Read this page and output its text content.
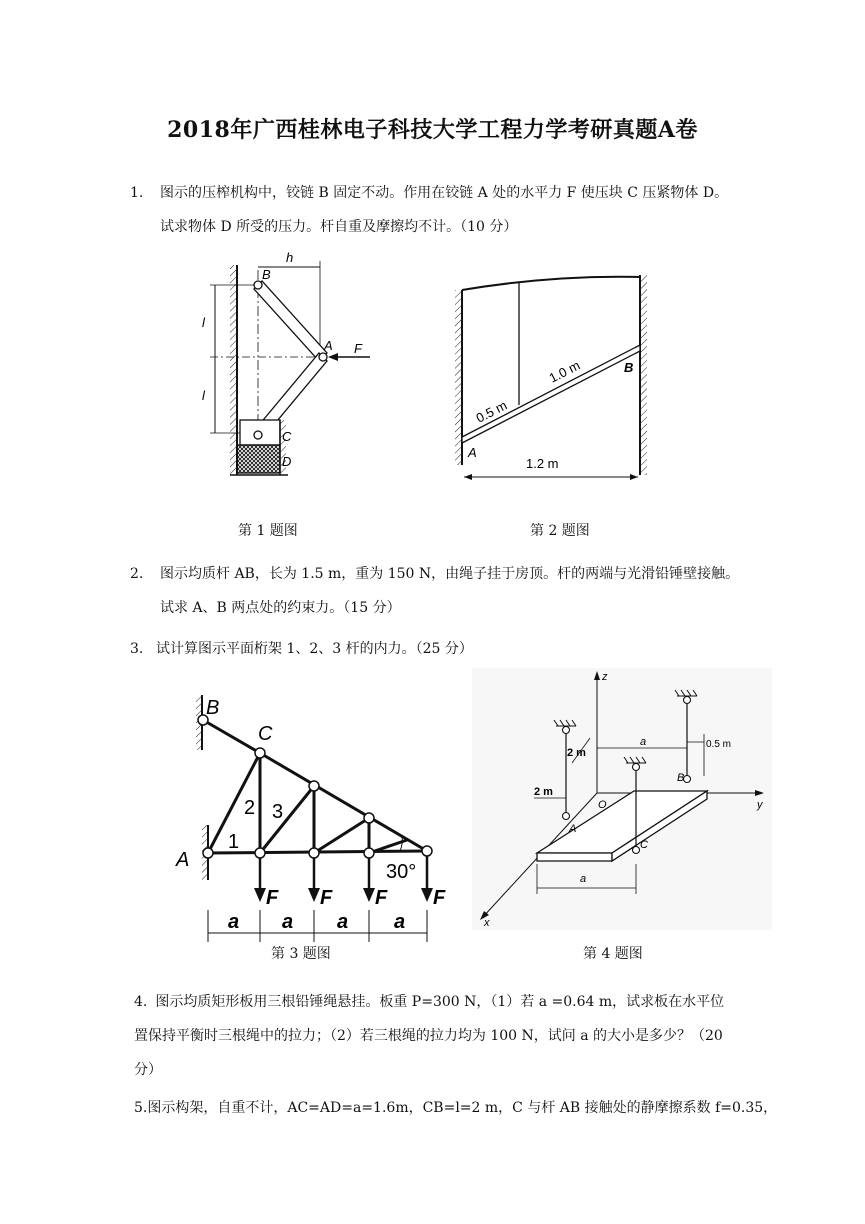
2018年广西桂林电子科技大学工程力学考研真题A卷
1. 图示的压榨机构中，铰链 B 固定不动。作用在铰链 A 处的水平力 F 使压块 C 压紧物体 D。
试求物体 D 所受的压力。杆自重及摩擦均不计。（10 分）
h
l
l
F
B
A
C
D
第 1 题图
0.5 m
1.0 m	B
A
1.2 m
第 2 题图
2. 图示均质杆 AB，长为 1.5 m，重为 150 N，由绳子挂于房顶。杆的两端与光滑铅锤壁接触。
试求 A、B 两点处的约束力。（15 分）
3. 试计算图示平面桁架 1、2、3 杆的内力。（25 分）
30°
B
C
A
1
2 3
F F F F
a a a a
第 3 题图
z
y
x
O
A
C
B
a	0.5 m
2 m
2 m
a
第 4 题图
4. 图示均质矩形板用三根铅锤绳悬挂。板重 P=300 N，（1）若 a =0.64 m，试求板在水平位
置保持平衡时三根绳中的拉力；（2）若三根绳的拉力均为 100 N，试问 a 的大小是多少？（20
分）
5.图示构架，自重不计，AC=AD=a=1.6m，CB=l=2 m，C 与杆 AB 接触处的静摩擦系数 f=0.35，
